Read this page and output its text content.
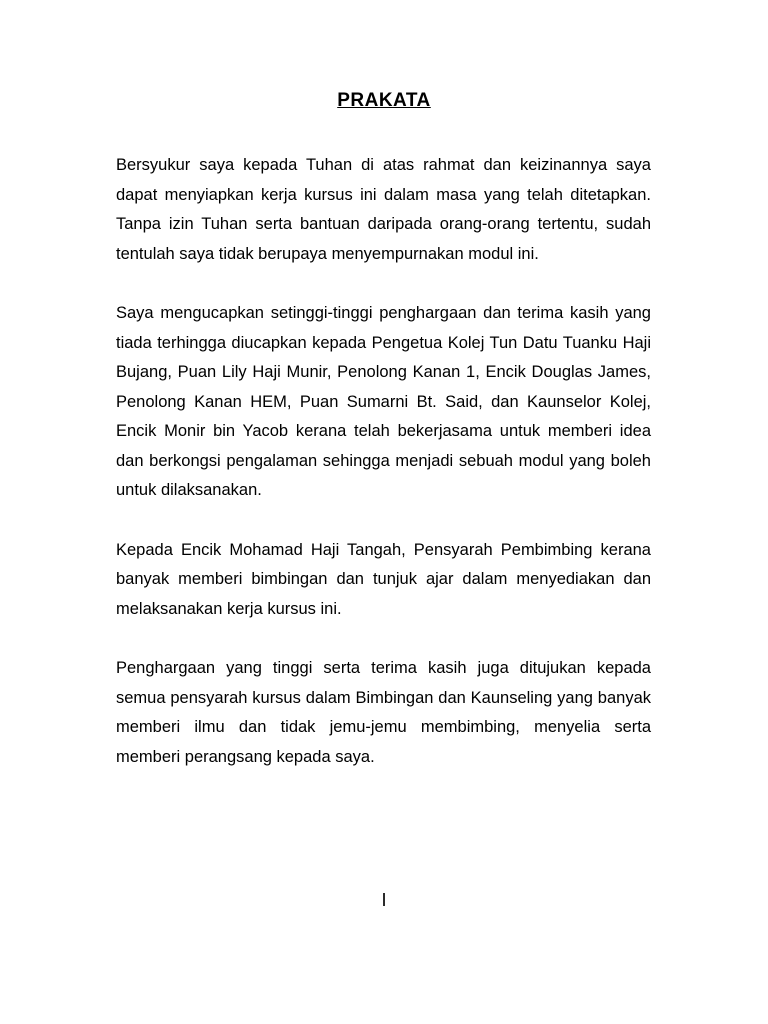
PRAKATA

Bersyukur saya kepada Tuhan di atas rahmat dan keizinannya saya dapat menyiapkan kerja kursus ini dalam masa yang telah ditetapkan. Tanpa izin Tuhan serta bantuan daripada orang-orang tertentu, sudah tentulah saya tidak berupaya menyempurnakan modul ini.

Saya mengucapkan setinggi-tinggi penghargaan dan terima kasih yang tiada terhingga diucapkan kepada Pengetua Kolej Tun Datu Tuanku Haji Bujang, Puan Lily Haji Munir, Penolong Kanan 1, Encik Douglas James, Penolong Kanan HEM, Puan Sumarni Bt. Said, dan Kaunselor Kolej, Encik Monir bin Yacob kerana telah bekerjasama untuk memberi idea dan berkongsi pengalaman sehingga menjadi sebuah modul yang boleh untuk dilaksanakan.

Kepada Encik Mohamad Haji Tangah, Pensyarah Pembimbing kerana banyak memberi bimbingan dan tunjuk ajar dalam menyediakan dan melaksanakan kerja kursus ini.

Penghargaan yang tinggi serta terima kasih juga ditujukan kepada semua pensyarah kursus dalam Bimbingan dan Kaunseling yang banyak memberi ilmu dan tidak jemu-jemu membimbing, menyelia serta memberi perangsang kepada saya.

I
